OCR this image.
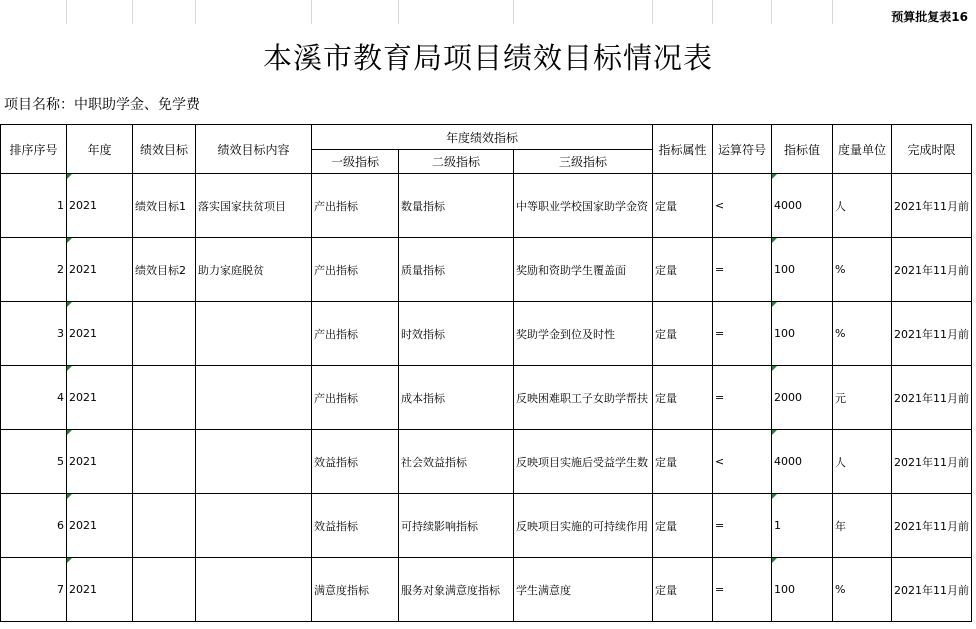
预算批复表16
本溪市教育局项目绩效目标情况表
项目名称：中职助学金、免学费
排序序号	年度	绩效目标	绩效目标内容	年度绩效指标			指标属性	运算符号	指标值	度量单位	完成时限
				一级指标	二级指标	三级指标					
1	2021	绩效目标1	落实国家扶贫项目	产出指标	数量指标	中等职业学校国家助学金资	定量	<	4000	人	2021年11月前
2	2021	绩效目标2	助力家庭脱贫	产出指标	质量指标	奖励和资助学生覆盖面	定量	=	100	%	2021年11月前
3	2021			产出指标	时效指标	奖助学金到位及时性	定量	=	100	%	2021年11月前
4	2021			产出指标	成本指标	反映困难职工子女助学帮扶	定量	=	2000	元	2021年11月前
5	2021			效益指标	社会效益指标	反映项目实施后受益学生数	定量	<	4000	人	2021年11月前
6	2021			效益指标	可持续影响指标	反映项目实施的可持续作用	定量	=	1	年	2021年11月前
7	2021			满意度指标	服务对象满意度指标	学生满意度	定量	=	100	%	2021年11月前
